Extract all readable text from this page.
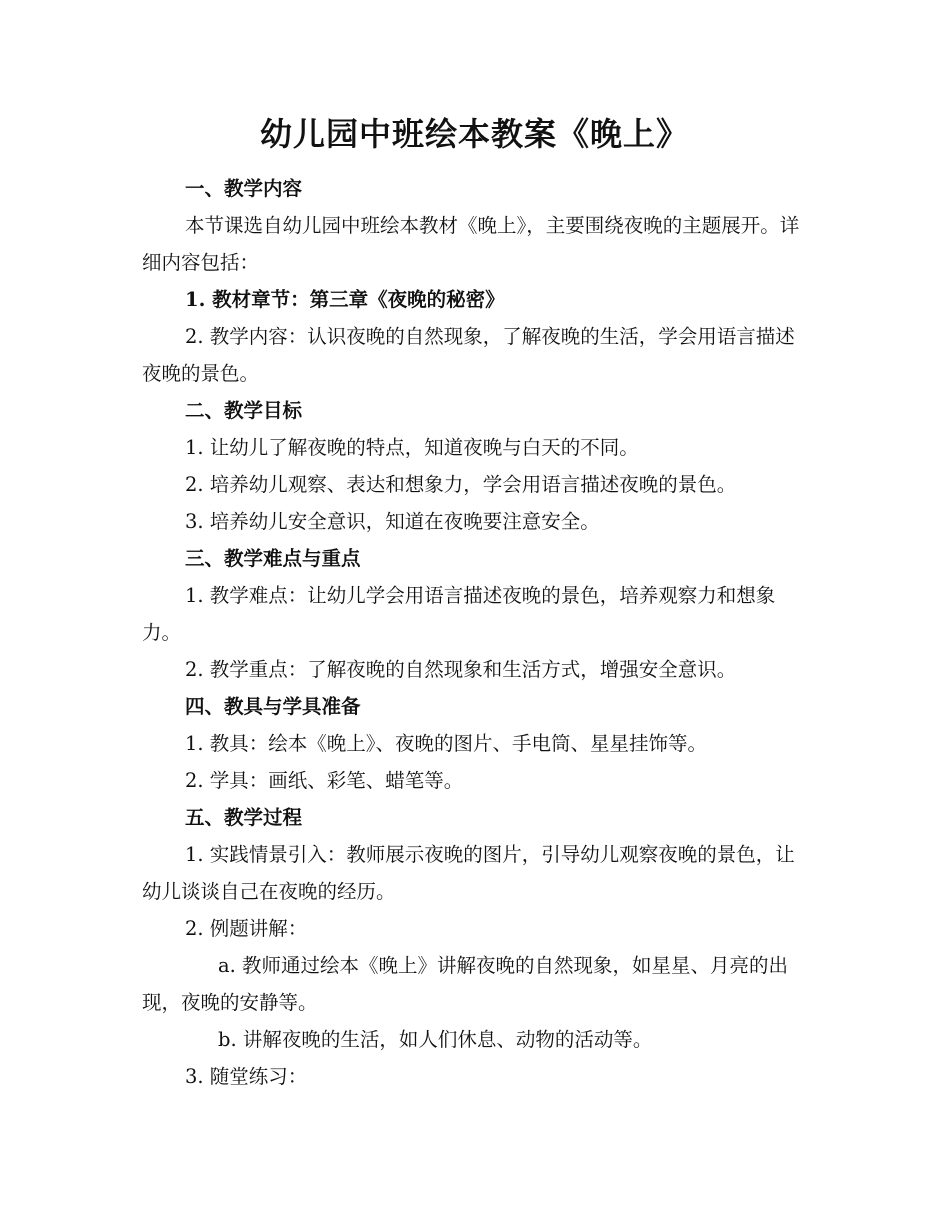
幼儿园中班绘本教案《晚上》

一、教学内容

本节课选自幼儿园中班绘本教材《晚上》，主要围绕夜晚的主题展开。详细内容包括：

1. 教材章节：第三章《夜晚的秘密》

2. 教学内容：认识夜晚的自然现象，了解夜晚的生活，学会用语言描述夜晚的景色。

二、教学目标

1. 让幼儿了解夜晚的特点，知道夜晚与白天的不同。

2. 培养幼儿观察、表达和想象力，学会用语言描述夜晚的景色。

3. 培养幼儿安全意识，知道在夜晚要注意安全。

三、教学难点与重点

1. 教学难点：让幼儿学会用语言描述夜晚的景色，培养观察力和想象力。

2. 教学重点：了解夜晚的自然现象和生活方式，增强安全意识。

四、教具与学具准备

1. 教具：绘本《晚上》、夜晚的图片、手电筒、星星挂饰等。

2. 学具：画纸、彩笔、蜡笔等。

五、教学过程

1. 实践情景引入：教师展示夜晚的图片，引导幼儿观察夜晚的景色，让幼儿谈谈自己在夜晚的经历。

2. 例题讲解：

a. 教师通过绘本《晚上》讲解夜晚的自然现象，如星星、月亮的出现，夜晚的安静等。

b. 讲解夜晚的生活，如人们休息、动物的活动等。

3. 随堂练习：
